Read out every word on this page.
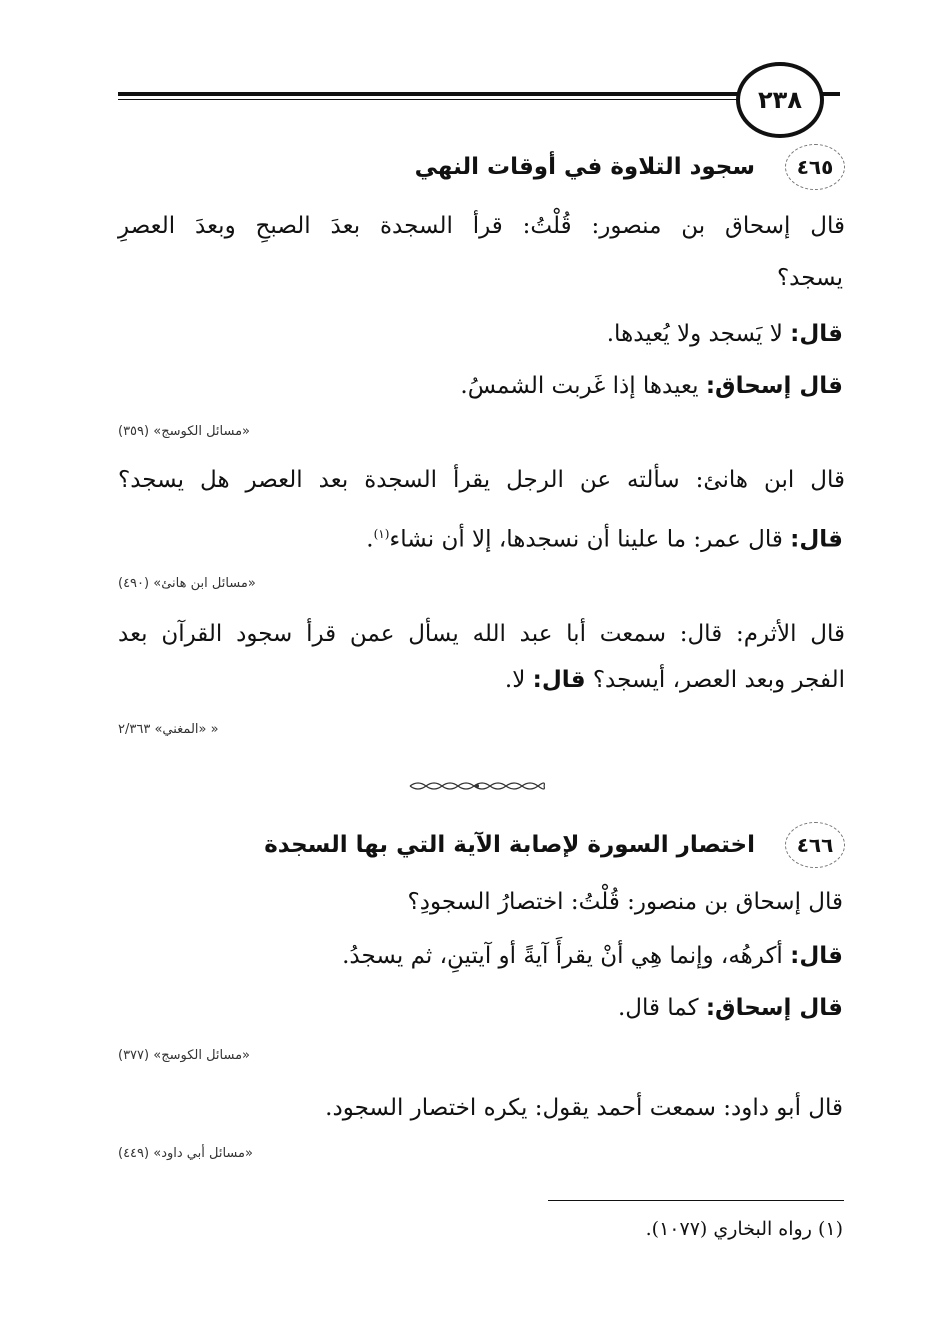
٢٣٨
٤٦٥
سجود التلاوة في أوقات النهي
قال إسحاق بن منصور: قُلْتُ: قرأ السجدة بعدَ الصبحِ وبعدَ العصرِ
يسجد؟
قال: لا يَسجد ولا يُعيدها.
قال إسحاق: يعيدها إذا غَربت الشمسُ.
«مسائل الكوسج» (٣٥٩)
قال ابن هانئ: سألته عن الرجل يقرأ السجدة بعد العصر هل يسجد؟
قال: قال عمر: ما علينا أن نسجدها، إلا أن نشاء$^{(١)}$.
«مسائل ابن هانئ» (٤٩٠)
قال الأثرم: قال: سمعت أبا عبد الله يسأل عمن قرأ سجود القرآن بعد
الفجر وبعد العصر، أيسجد؟ قال: لا.
« «المغني» ٢/٣٦٣
٤٦٦
اختصار السورة لإصابة الآية التي بها السجدة
قال إسحاق بن منصور: قُلْتُ: اختصارُ السجودِ؟
قال: أكرهُه، وإنما هِي أنْ يقرأَ آيةً أو آيتينِ، ثم يسجدُ.
قال إسحاق: كما قال.
«مسائل الكوسج» (٣٧٧)
قال أبو داود: سمعت أحمد يقول: يكره اختصار السجود.
«مسائل أبي داود» (٤٤٩)
(١) رواه البخاري (١٠٧٧).
